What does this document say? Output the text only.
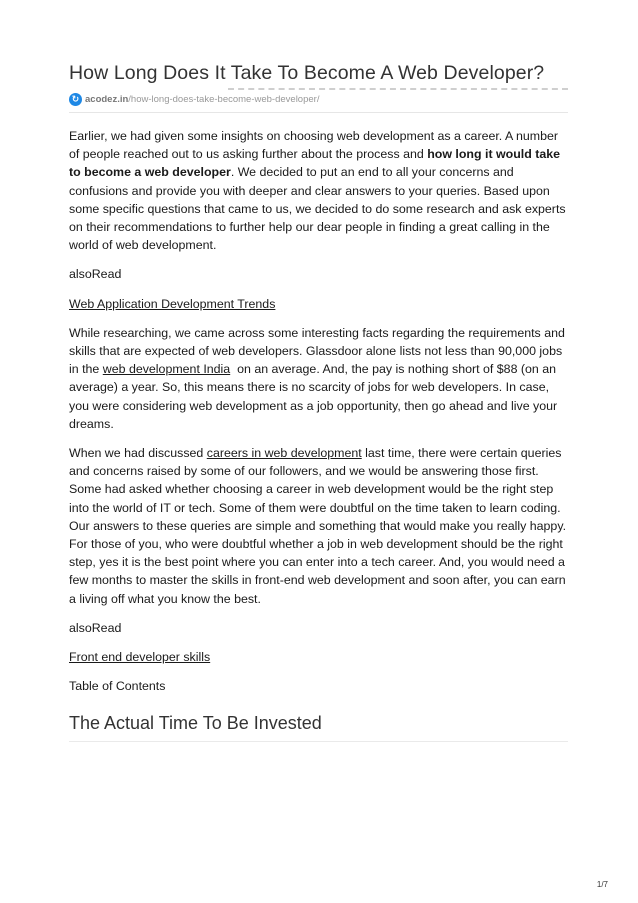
How Long Does It Take To Become A Web Developer?
↻ acodez.in/how-long-does-take-become-web-developer/

Earlier, we had given some insights on choosing web development as a career. A number of people reached out to us asking further about the process and how long it would take to become a web developer. We decided to put an end to all your concerns and confusions and provide you with deeper and clear answers to your queries. Based upon some specific questions that came to us, we decided to do some research and ask experts on their recommendations to further help our dear people in finding a great calling in the world of web development.

alsoRead

Web Application Development Trends

While researching, we came across some interesting facts regarding the requirements and skills that are expected of web developers. Glassdoor alone lists not less than 90,000 jobs in the web development India  on an average. And, the pay is nothing short of $88 (on an average) a year. So, this means there is no scarcity of jobs for web developers. In case, you were considering web development as a job opportunity, then go ahead and live your dreams.

When we had discussed careers in web development last time, there were certain queries and concerns raised by some of our followers, and we would be answering those first. Some had asked whether choosing a career in web development would be the right step into the world of IT or tech. Some of them were doubtful on the time taken to learn coding. Our answers to these queries are simple and something that would make you really happy. For those of you, who were doubtful whether a job in web development should be the right step, yes it is the best point where you can enter into a tech career. And, you would need a few months to master the skills in front-end web development and soon after, you can earn a living off what you know the best.

alsoRead

Front end developer skills

Table of Contents

The Actual Time To Be Invested
1/7
